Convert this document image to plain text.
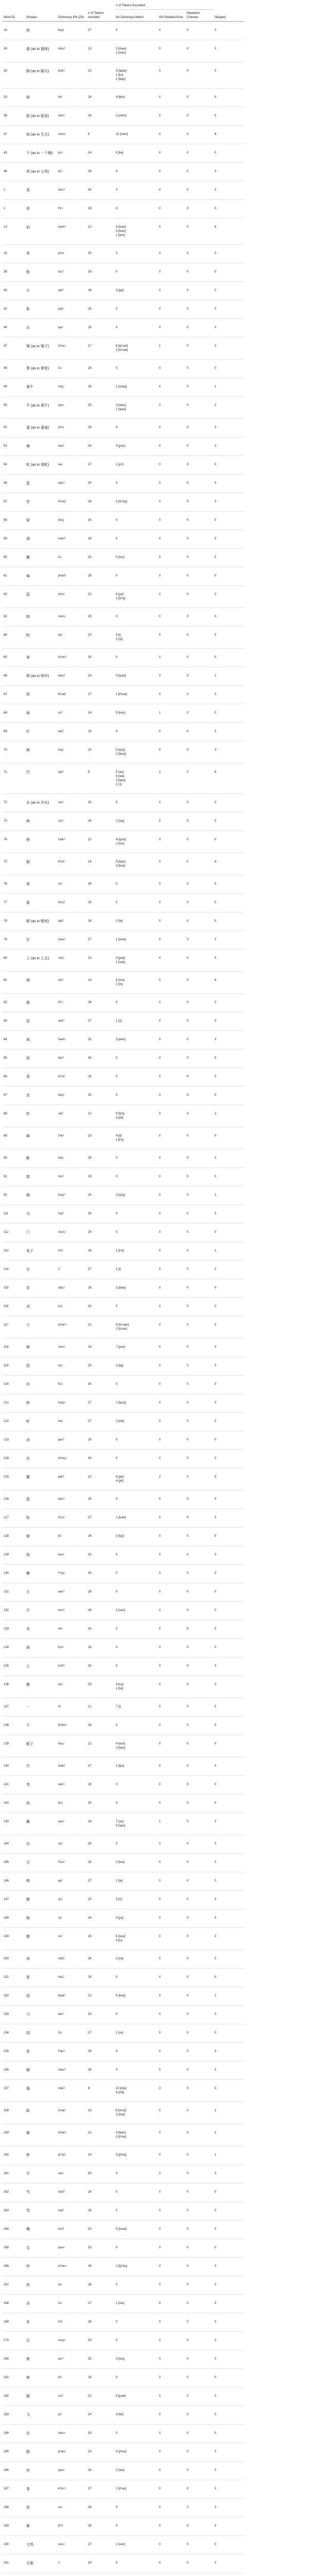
Word ID	Simplex	Dictionary IPA (Zh)	# of Tokens Included	# of Tokens Excluded			Skipped
				No Dictionary Match	IPA-Related Error	Mandarin Chinese	
18	颈	kɛŋ˧	27	0	0	0	0
29	猫 (as in 猫咪)	mɛu˥	23	3 [mau]
1 [mɛu]	0	0	0
29	脚 (as in 脚尖)	kiɔk˥	23	3 [tɕiau]
1 [kɔ]
1 [tɕyɛ]	0	0	0
33	脸	lin˧	24	4 [liɛn]	0	0	0
36	脸 (as in 脸面)	min˨	26	2 [miɛn]	0	0	0
37	焖 (as in 生火)	mun˨	5	15 [mən]	0	0	8
43	个 (as in 一个碗)	kɔ˧	24	5 [kə]	0	0	0
46	鸡 (as in 公鸡)	kɛ˥	28	0	0	0	0
1	真	tsɛn˥	30	0	0	0	0
1	弟	tʰɛ˧	28	0	0	0	0
13	砧	tsɛm˥	12	5 [tsən]
3 [tsɛn]
1 [tɕin]	0	0	6
15	菩	pʰu˩	30	0	0	0	0
36	租	tsu˥	30	0	0	0	0
40	月	ŋɛt˥	26	3 [jyɛ]	0	0	0
41	影	jaŋ˧	28	0	0	0	0
44	瓦	ŋa˧	28	0	0	0	0
47	锤 (as in 锤子)	tsʰui˩	17	8 [tʂʰuei]
2 [tsʰuei]	1	0	0
48	箩 (as in 箩筐)	lɔ˩	28	0	0	0	0
49	黄牛	vɔŋ˩	26	1 [xuaŋ]	0	0	1
50	牛 (as in 黄牛)	ŋiu˩	25	3 [niou]
1 [ŋiəu]	0	0	0
52	蒲 (as in 蒲扇)	pʰu˩	28	0	0	0	0
53	瘦	sɛu˥	24	3 [ʂou]	0	0	2
54	蛇 (as in 毒蛇)	sa˩	27	1 [ʂɤ]	0	0	0
56	蓝	lam˩	30	0	0	0	0
57	苍	tsʰɔŋ˥	26	2 [tsʰaŋ]	0	0	0
58	梁	liɔŋ˩	30	0	0	0	0
59	满	man˥	29	0	0	0	0
60	螺	lɔ˩	25	5 [luo]	0	0	0
61	偏	pʰiɛn˥	28	0	0	0	0
62	鼠	tsʰu˧	22	6 [ʂu]
1 [tsʰy]	0	0	0
63	蚊	mun˩	29	0	0	0	0
64	蚁	ŋɛ˧	23	4 [i]
2 [ŋi]	0	0	0
65	春	tsʰun˥	30	0	0	0	0
66	朝 (as in 朝早)	tsɛu˥	24	4 [tʂau]	0	0	1
67	筷	kʰuai˥	27	1 [kʰuai]	0	0	0
68	锅	vɔ˥	24	5 [kuo]	1	0	0
69	钉	taŋ˥	28	0	0	0	0
70	熊	iuŋ˩	20	5 [ɕyŋ]
2 [hiuŋ]	0	0	3
71	凹	lap˥	5	5 [au]
8 [wa]
3 [ŋau]
2 [ɔ]	2	0	6
72	水 (as in 冷水)	sui˧	29	0	0	0	0
73	秧	iɔŋ˥	26	2 [iaŋ]	0	0	0
74	粥	tsuk˥	22	4 [tʂou]
2 [tsu]	0	0	0
75	掘	kʰut˥	14	8 [tɕyɛ]
3 [kuə]	0	0	4
76	窝	vɔ˥	28	0	0	0	0
77	姜	kiɔŋ˥	29	0	0	0	0
78	蜡 (as in 蜡烛)	lap˥	26	2 [la]	0	0	0
79	灶	tsau˥	27	1 [tsau]	0	0	0
80	上 (as in 上去)	sɔŋ˥	23	4 [ʂaŋ]
1 [saŋ]	0	0	0
81	姆	mɛ˥	14	6 [mu]
2 [m]	0	0	6
82	旗	kʰi˩	28	0	0	0	0
83	屋	vuk˥	27	1 [u]	0	0	0
84	咸	ham˩	25	3 [ɕiɛn]	0	0	0
85	饭	fan˥	30	0	0	0	0
86	菜	tsʰɔi˥	29	0	0	0	0
87	龙	liuŋ˩	30	0	0	0	0
88	吃	sɛt˥	12	9 [tʂʰʅ]
3 [ɕit]	0	4	2
89	睇	tʰai˧	23	4 [ti]
1 [tʰɛ]	0	0	0
90	鞋	hai˩	28	0	0	0	0
91	猪	tsu˥	29	0	0	0	0
92	胸	hiuŋ˥	24	3 [ɕyŋ]	0	0	1
111	马	ma˥	30	0	0	0	0
112	门	mun˩	29	0	0	0	0
113	兔子	tʰu˥	26	1 [tʰu]	0	0	1
114	衣	i˥	27	1 [i]	0	0	0
115	笑	siɛu˥	26	2 [ɕiau]	0	0	0
116	刘	liu˩	30	0	0	0	0
117	寸	tsʰun˥	21	5 [tsʰuən]
2 [tsʰən]	0	0	0
118	婶	sɛm˧	18	7 [ʂən]	0	0	3
119	指	tsɿ˧	25	3 [tʂʅ]	0	0	0
120	河	hɔ˩	30	0	0	0	0
121	种	tsuŋ˧	27	1 [tʂuŋ]	0	0	0
122	虾	ha˩	27	2 [ɕia]	0	0	0
123	冰	pɛn˥	29	0	0	0	0
124	虫	tsʰuŋ˩	30	0	0	0	0
125	鳖	piɛt˥	10	8 [piɛ]
4 [pit]	2	0	5
126	篮	lam˩	29	0	0	0	0
127	柜	kʰui˥	27	1 [kuei]	0	0	0
128	锯	ki˥	26	2 [tɕy]	0	0	0
129	狗	kɛu˧	30	0	0	0	0
130	糖	tʰɔŋ˩	30	0	0	0	0
131	万	van˥	28	0	0	0	0
132	汗	hɔn˥	26	2 [xan]	0	0	0
133	米	mi˧	30	0	0	0	0
134	海	hɔi˧	29	0	0	0	0
135	七	tsʰit˥	30	0	0	0	0
136	紫	tsɿ˧	23	4 [tsɿ]
1 [tsi]	0	0	0
137	一	it˥	21	7 [i]	0	0	0
138	千	tsʰiɛn˥	28	0	0	0	0
139	猴子	hɛu˩	22	4 [xou]
2 [hau]	0	0	0
140	竹	tsuk˥	27	1 [tʂu]	0	0	0
141	弯	van˥	28	0	0	0	0
142	纸	tsɿ˧	30	0	0	0	0
143	藕	ŋɛu˧	16	7 [ou]
3 [ŋau]	1	0	2
144	沙	sa˥	30	0	0	0	0
145	豆	tʰɛu˥	26	2 [tou]	0	0	0
146	鸭	ap˥	27	1 [ia]	0	0	0
147	鹅	ŋɔ˩	25	3 [ɤ]	0	0	0
148	梳	sɿ˥	24	4 [ʂu]	0	0	0
149	糯	nɔ˥	15	6 [nuo]
4 [lɔ]	0	0	3
150	袜	mat˥	26	2 [va]	0	0	0
151	厚	hɛu˥	29	0	0	0	0
152	刮	kuat˥	22	5 [kua]	0	0	1
153	刀	tau˥	30	0	0	0	0
154	胡	fu˩	27	1 [xu]	0	0	0
155	炭	tʰan˥	28	0	0	0	0
156	帽	mau˥	29	0	0	0	0
157	篾	miɛt˥	8	10 [miɛ]
4 [mit]	3	0	5
158	踩	tsʰai˧	19	6 [tsʰai]
2 [tsai]	0	0	1
159	菌	kʰiun˧	21	4 [tɕyn]
2 [kʰun]	0	0	1
160	胖	pʰɔŋ˥	24	3 [pʰaŋ]	0	0	1
161	写	sia˧	30	0	0	0	0
162	节	tsiɛt˥	28	0	0	0	0
163	骂	ma˥	29	0	0	0	0
164	嘴	tsɔi˥	23	5 [tsuei]	0	0	0
165	宝	pau˧	30	0	0	0	0
166	吵	tsʰau˧	26	2 [tʂʰau]	0	0	0
167	夜	ia˥	28	0	0	0	0
168	朵	tɔ˧	27	1 [tuo]	0	0	0
169	灰	fɔi˥	28	0	0	0	0
170	总	tsuŋ˧	29	0	0	0	0
180	凳	tɛn˥	25	3 [təŋ]	0	0	0
181	裤	fu˥	28	0	0	0	0
182	睡	sɔi˥	22	6 [ʂuei]	0	0	0
183	飞	pi˥	24	4 [fei]	0	0	0
184	走	tsɛu˧	30	0	0	0	0
185	跑	pʰau˩	23	5 [pʰau]	0	0	0
186	咬	ŋau˧	26	2 [iau]	0	0	0
187	看	kʰɔn˥	27	1 [kʰan]	0	0	0
188	洗	sɛ˧	28	0	0	0	0
189	鼻	pʰi˥	28	0	0	0	0
190	文鸡	vun˩	27	1 [vən]	0	0	0
191	衣服	i˥	29	0	0	0	0
